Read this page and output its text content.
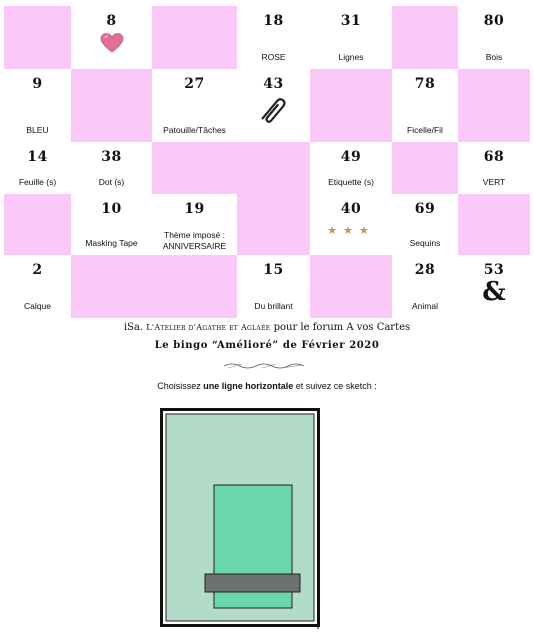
8	18
ROSE
31
Lignes
80
Bois
9
BLEU
27
Patouille/Tâches
43	78
Ficelle/Fil
14
Feuille (s)
38
Dot (s)
49
Etiquette (s)
68
VERT
10
Masking Tape
19
Thème imposé :
ANNIVERSAIRE
40
★★★
69
Sequins
2
Calque
15
Du brillant
28
Animal
53
&
iSa. L'Atelier d'Agathe et Aglaée pour le forum A vos Cartes
Le bingo “Amélioré” de Février 2020
Choisissez une ligne horizontale et suivez ce sketch :
